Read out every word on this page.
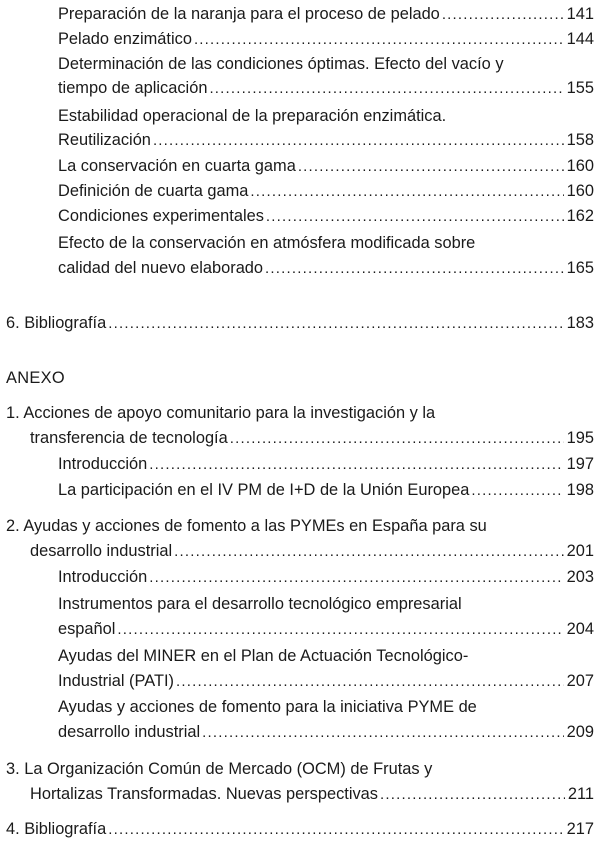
Preparación de la naranja para el proceso de pelado .....	141
Pelado enzimático .....	144
Determinación de las condiciones óptimas. Efecto del vacío y
tiempo de aplicación .....	155
Estabilidad operacional de la preparación enzimática.
Reutilización .....	158
La conservación en cuarta gama .....	160
Definición de cuarta gama .....	160
Condiciones experimentales .....	162
Efecto de la conservación en atmósfera modificada sobre
calidad del nuevo elaborado .....	165
6. Bibliografía .....	183
ANEXO
1. Acciones de apoyo comunitario para la investigación y la
transferencia de tecnología .....	195
Introducción .....	197
La participación en el IV PM de I+D de la Unión Europea .....	198
2. Ayudas y acciones de fomento a las PYMEs en España para su
desarrollo industrial .....	201
Introducción .....	203
Instrumentos para el desarrollo tecnológico empresarial
español .....	204
Ayudas del MINER en el Plan de Actuación Tecnológico-
Industrial (PATI) .....	207
Ayudas y acciones de fomento para la iniciativa PYME de
desarrollo industrial .....	209
3. La Organización Común de Mercado (OCM) de Frutas y
Hortalizas Transformadas. Nuevas perspectivas .....	211
4. Bibliografía .....	217
